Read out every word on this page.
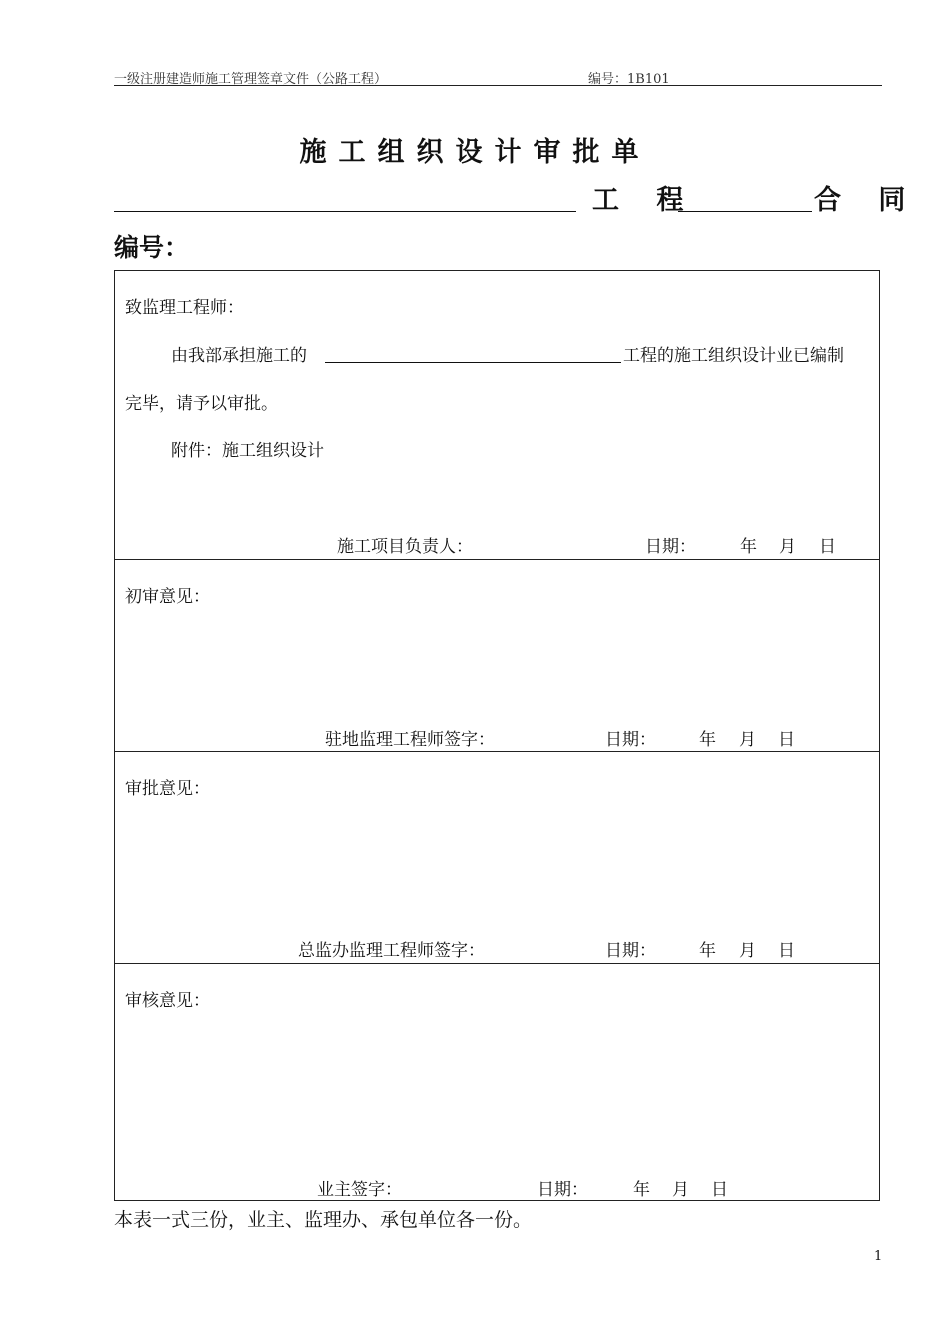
一级注册建造师施工管理签章文件（公路工程）	编号：1B101
施工组织设计审批单
工 程	合 同
编号：
致监理工程师：
由我部承担施工的	工程的施工组织设计业已编制
完毕，请予以审批。
附件：施工组织设计
施工项目负责人：	日期：	年 月 日
初审意见：
驻地监理工程师签字：	日期：	年 月 日
审批意见：
总监办监理工程师签字：	日期：	年 月 日
审核意见：
业主签字：	日期：	年 月 日
本表一式三份，业主、监理办、承包单位各一份。
1
